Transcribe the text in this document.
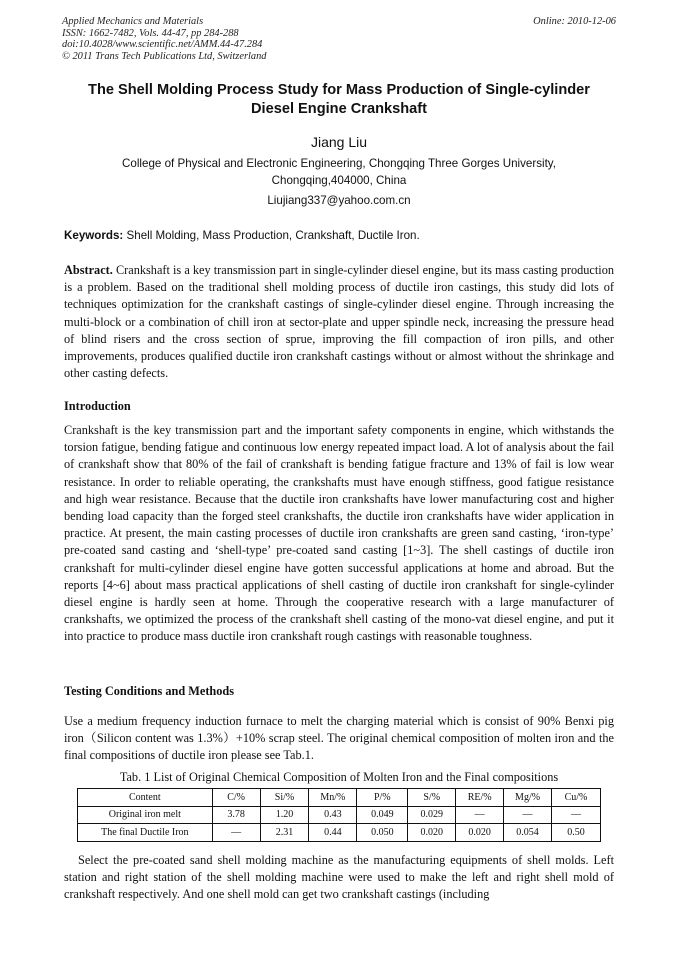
Applied Mechanics and Materials
ISSN: 1662-7482, Vols. 44-47, pp 284-288
doi:10.4028/www.scientific.net/AMM.44-47.284
© 2011 Trans Tech Publications Ltd, Switzerland
Online: 2010-12-06
The Shell Molding Process Study for Mass Production of Single-cylinder
Diesel Engine Crankshaft
Jiang Liu
College of Physical and Electronic Engineering, Chongqing Three Gorges University,
Chongqing,404000, China
Liujiang337@yahoo.com.cn
Keywords: Shell Molding, Mass Production, Crankshaft, Ductile Iron.
Abstract. Crankshaft is a key transmission part in single-cylinder diesel engine, but its mass casting production is a problem. Based on the traditional shell molding process of ductile iron castings, this study did lots of techniques optimization for the crankshaft castings of single-cylinder diesel engine. Through increasing the multi-block or a combination of chill iron at sector-plate and upper spindle neck, increasing the pressure head of blind risers and the cross section of sprue, improving the fill compaction of iron pills, and other improvements, produces qualified ductile iron crankshaft castings without or almost without the shrinkage and other casting defects.
Introduction
Crankshaft is the key transmission part and the important safety components in engine, which withstands the torsion fatigue, bending fatigue and continuous low energy repeated impact load. A lot of analysis about the fail of crankshaft show that 80% of the fail of crankshaft is bending fatigue fracture and 13% of fail is low wear resistance. In order to reliable operating, the crankshafts must have enough stiffness, good fatigue resistance and high wear resistance. Because that the ductile iron crankshafts have lower manufacturing cost and higher bending load capacity than the forged steel crankshafts, the ductile iron crankshafts have wider application in practice. At present, the main casting processes of ductile iron crankshafts are green sand casting, ‘iron-type’ pre-coated sand casting and ‘shell-type’ pre-coated sand casting [1~3]. The shell castings of ductile iron crankshaft for multi-cylinder diesel engine have gotten successful applications at home and abroad. But the reports [4~6] about mass practical applications of shell casting of ductile iron crankshaft for single-cylinder diesel engine is hardly seen at home. Through the cooperative research with a large manufacturer of crankshafts, we optimized the process of the crankshaft shell casting of the mono-vat diesel engine, and put it into practice to produce mass ductile iron crankshaft rough castings with reasonable toughness.
Testing Conditions and Methods
Use a medium frequency induction furnace to melt the charging material which is consist of 90% Benxi pig iron（Silicon content was 1.3%）+10% scrap steel. The original chemical composition of molten iron and the final compositions of ductile iron please see Tab.1.
Tab. 1 List of Original Chemical Composition of Molten Iron and the Final compositions
Content	C/%	Si/%	Mn/%	P/%	S/%	RE/%	Mg/%	Cu/%
Original iron melt	3.78	1.20	0.43	0.049	0.029	—	—	—
The final Ductile Iron	—	2.31	0.44	0.050	0.020	0.020	0.054	0.50
Select the pre-coated sand shell molding machine as the manufacturing equipments of shell molds. Left station and right station of the shell molding machine were used to make the left and right shell mold of crankshaft respectively. And one shell mold can get two crankshaft castings (including
